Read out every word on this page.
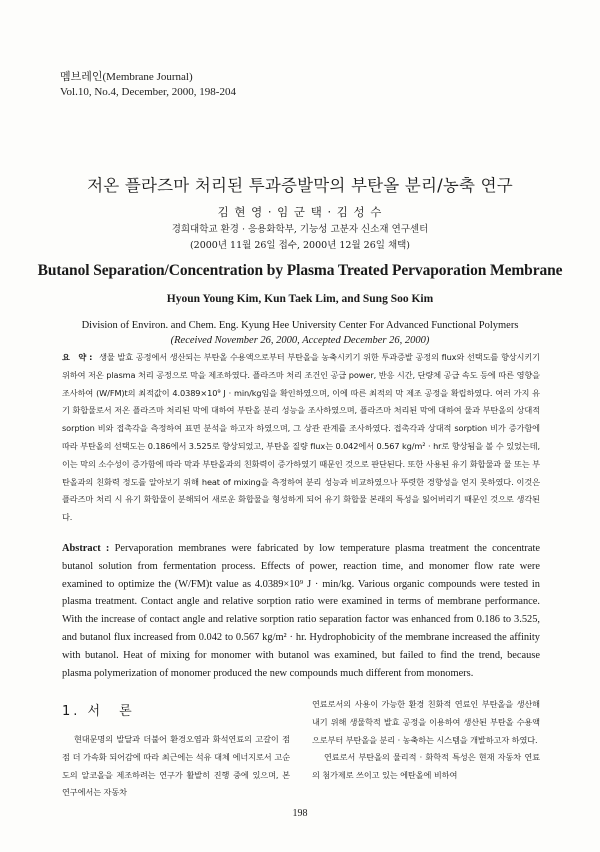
멤브레인(Membrane Journal)
Vol.10, No.4, December, 2000, 198-204
저온 플라즈마 처리된 투과증발막의 부탄올 분리/농축 연구
김 현 영 · 임 군 택 · 김 성 수
경희대학교 환경 · 응용화학부, 기능성 고분자 신소재 연구센터
(2000년 11월 26일 접수, 2000년 12월 26일 채택)
Butanol Separation/Concentration by Plasma Treated Pervaporation Membrane
Hyoun Young Kim, Kun Taek Lim, and Sung Soo Kim
Division of Environ. and Chem. Eng. Kyung Hee University Center For Advanced Functional Polymers
(Received November 26, 2000, Accepted December 26, 2000)
요　약 : 생물 발효 공정에서 생산되는 부탄올 수용액으로부터 부탄올을 농축시키기 위한 투과증발 공정의 flux와 선택도를 향상시키기 위하여 저온 plasma 처리 공정으로 막을 제조하였다. 플라즈마 처리 조건인 공급 power, 반응 시간, 단량체 공급 속도 등에 따른 영향을 조사하여 (W/FM)t의 최적값이 4.0389×10⁹ J · min/kg임을 확인하였으며, 이에 따른 최적의 막 제조 공정을 확립하였다. 여러 가지 유기 화합물로서 저온 플라즈마 처리된 막에 대하여 부탄올 분리 성능을 조사하였으며, 플라즈마 처리된 막에 대하여 물과 부탄올의 상대적 sorption 비와 접촉각을 측정하여 표면 분석을 하고자 하였으며, 그 상관 관계를 조사하였다. 접촉각과 상대적 sorption 비가 증가함에 따라 부탄올의 선택도는 0.186에서 3.525로 향상되었고, 부탄올 질량 flux는 0.042에서 0.567 kg/m² · hr로 향상됨을 볼 수 있었는데, 이는 막의 소수성이 증가함에 따라 막과 부탄올과의 친화력이 증가하였기 때문인 것으로 판단된다. 또한 사용된 유기 화합물과 물 또는 부탄올과의 친화력 정도를 알아보기 위해 heat of mixing을 측정하여 분리 성능과 비교하였으나 뚜렷한 경향성을 얻지 못하였다. 이것은 플라즈마 처리 시 유기 화합물이 분해되어 새로운 화합물을 형성하게 되어 유기 화합물 본래의 특성을 잃어버리기 때문인 것으로 생각된다.
Abstract : Pervaporation membranes were fabricated by low temperature plasma treatment the concentrate butanol solution from fermentation process. Effects of power, reaction time, and monomer flow rate were examined to optimize the (W/FM)t value as 4.0389×10⁹ J · min/kg. Various organic compounds were tested in plasma treatment. Contact angle and relative sorption ratio were examined in terms of membrane performance. With the increase of contact angle and relative sorption ratio separation factor was enhanced from 0.186 to 3.525, and butanol flux increased from 0.042 to 0.567 kg/m² · hr. Hydrophobicity of the membrane increased the affinity with butanol. Heat of mixing for monomer with butanol was examined, but failed to find the trend, because plasma polymerization of monomer produced the new compounds much different from monomers.
1. 서　론

현대문명의 발달과 더불어 환경오염과 화석연료의 고갈이 점점 더 가속화 되어감에 따라 최근에는 석유 대체 에너지로서 고순도의 알코올을 제조하려는 연구가 활발히 진행 중에 있으며, 본 연구에서는 자동차

연료로서의 사용이 가능한 환경 친화적 연료인 부탄올을 생산해내기 위해 생물학적 발효 공정을 이용하여 생산된 부탄올 수용액으로부터 부탄올을 분리 · 농축하는 시스템을 개발하고자 하였다.

연료로서 부탄올의 물리적 · 화학적 특성은 현재 자동차 연료의 첨가제로 쓰이고 있는 에탄올에 비하여

198
